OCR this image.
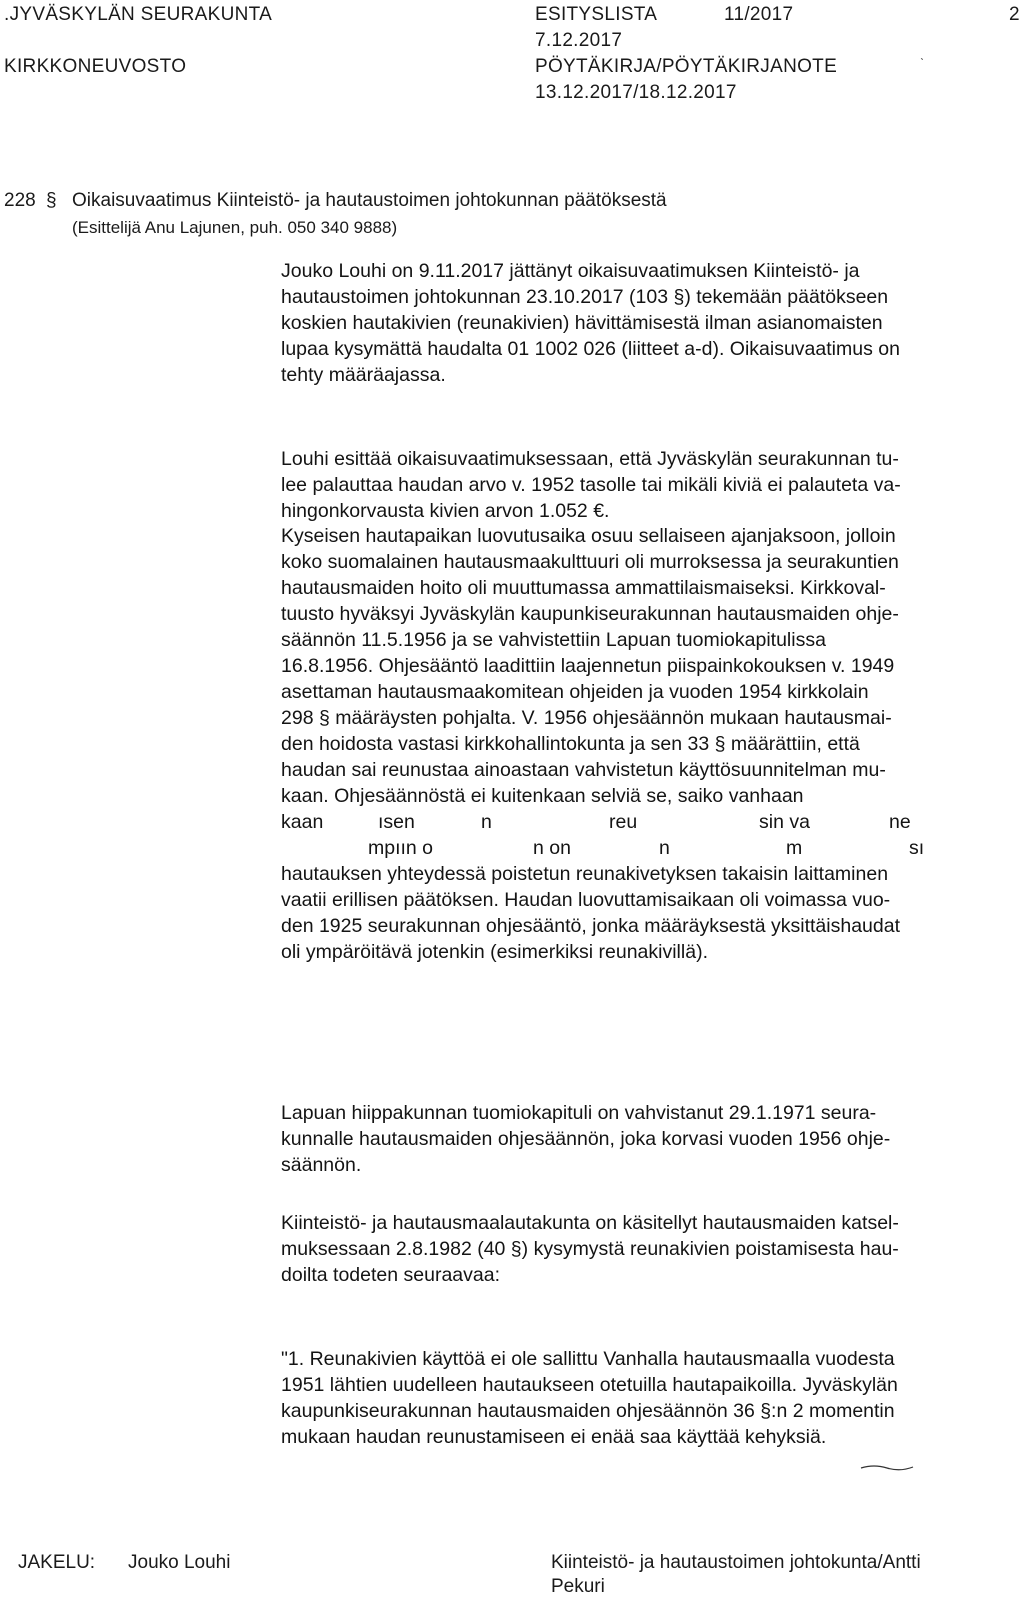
.JYVÄSKYLÄN SEURAKUNTA
KIRKKONEUVOSTO
ESITYSLISTA
7.12.2017
PÖYTÄKIRJA/PÖYTÄKIRJANOTE
13.12.2017/18.12.2017
11/2017	2
ˋ
228 § Oikaisuvaatimus Kiinteistö- ja hautaustoimen johtokunnan päätöksestä
(Esittelijä Anu Lajunen, puh. 050 340 9888)
Jouko Louhi on 9.11.2017 jättänyt oikaisuvaatimuksen Kiinteistö- ja
hautaustoimen johtokunnan 23.10.2017 (103 §) tekemään päätökseen
koskien hautakivien (reunakivien) hävittämisestä ilman asianomaisten
lupaa kysymättä haudalta 01 1002 026 (liitteet a-d). Oikaisuvaatimus on
tehty määräajassa.
Louhi esittää oikaisuvaatimuksessaan, että Jyväskylän seurakunnan tu-
lee palauttaa haudan arvo v. 1952 tasolle tai mikäli kiviä ei palauteta va-
hingonkorvausta kivien arvon 1.052 €.
Kyseisen hautapaikan luovutusaika osuu sellaiseen ajanjaksoon, jolloin
koko suomalainen hautausmaakulttuuri oli murroksessa ja seurakuntien
hautausmaiden hoito oli muuttumassa ammattilaismaiseksi. Kirkkoval-
tuusto hyväksyi Jyväskylän kaupunkiseurakunnan hautausmaiden ohje-
säännön 11.5.1956 ja se vahvistettiin Lapuan tuomiokapitulissa
16.8.1956. Ohjesääntö laadittiin laajennetun piispainkokouksen v. 1949
asettaman hautausmaakomitean ohjeiden ja vuoden 1954 kirkkolain
298 § määräysten pohjalta. V. 1956 ohjesäännön mukaan hautausmai-
den hoidosta vastasi kirkkohallintokunta ja sen 33 § määrättiin, että
haudan sai reunustaa ainoastaan vahvistetun käyttösuunnitelman mu-
kaan. Ohjesäännöstä ei kuitenkaan selviä se, saiko vanhaan
kaan	ısen	n	reu	sin va	ne
mpıın o	n on	n	m	sı
hautauksen yhteydessä poistetun reunakivetyksen takaisin laittaminen
vaatii erillisen päätöksen. Haudan luovuttamisaikaan oli voimassa vuo-
den 1925 seurakunnan ohjesääntö, jonka määräyksestä yksittäishaudat
oli ympäröitävä jotenkin (esimerkiksi reunakivillä).
Lapuan hiippakunnan tuomiokapituli on vahvistanut 29.1.1971 seura-
kunnalle hautausmaiden ohjesäännön, joka korvasi vuoden 1956 ohje-
säännön.
Kiinteistö- ja hautausmaalautakunta on käsitellyt hautausmaiden katsel-
muksessaan 2.8.1982 (40 §) kysymystä reunakivien poistamisesta hau-
doilta todeten seuraavaa:
"1. Reunakivien käyttöä ei ole sallittu Vanhalla hautausmaalla vuodesta
1951 lähtien uudelleen hautaukseen otetuilla hautapaikoilla. Jyväskylän
kaupunkiseurakunnan hautausmaiden ohjesäännön 36 §:n 2 momentin
mukaan haudan reunustamiseen ei enää saa käyttää kehyksiä.
JAKELU: Jouko Louhi	Kiinteistö- ja hautaustoimen johtokunta/Antti
Pekuri
